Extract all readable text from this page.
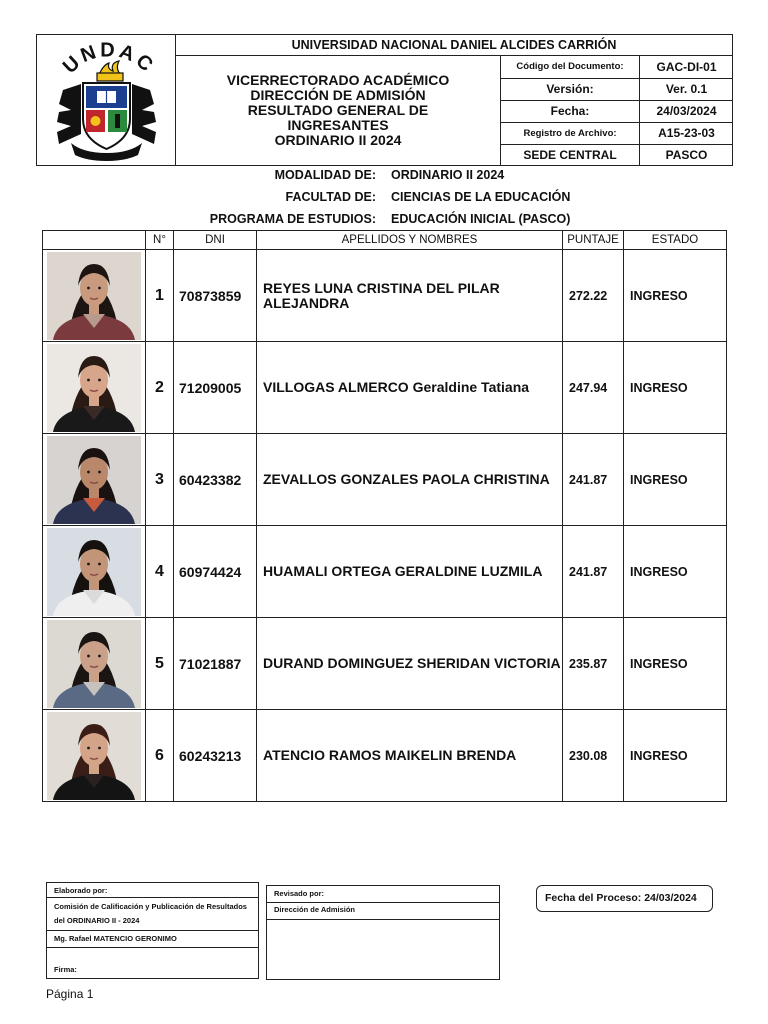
UNDAC
UNIVERSIDAD NACIONAL DANIEL ALCIDES CARRIÓN
VICERRECTORADO ACADÉMICO
DIRECCIÓN DE ADMISIÓN
RESULTADO GENERAL DE
INGRESANTES
ORDINARIO II 2024
Código del Documento:	GAC-DI-01
Versión:	Ver. 0.1
Fecha:	24/03/2024
Registro de Archivo:	A15-23-03
SEDE CENTRAL	PASCO
MODALIDAD DE: ORDINARIO II 2024
FACULTAD DE: CIENCIAS DE LA EDUCACIÓN
PROGRAMA DE ESTUDIOS: EDUCACIÓN INICIAL (PASCO)
	N°	DNI	APELLIDOS Y NOMBRES	PUNTAJE	ESTADO

	1	70873859	REYES LUNA CRISTINA DEL PILAR ALEJANDRA	272.22	INGRESO

	2	71209005	VILLOGAS ALMERCO Geraldine Tatiana	247.94	INGRESO

	3	60423382	ZEVALLOS GONZALES PAOLA CHRISTINA	241.87	INGRESO

	4	60974424	HUAMALI ORTEGA GERALDINE LUZMILA	241.87	INGRESO

	5	71021887	DURAND DOMINGUEZ SHERIDAN VICTORIA	235.87	INGRESO

	6	60243213	ATENCIO RAMOS MAIKELIN BRENDA	230.08	INGRESO
Elaborado por:
Comisión de Calificación y Publicación de Resultados
del ORDINARIO II - 2024
Mg. Rafael MATENCIO GERONIMO
Firma:
Revisado por:
Dirección de Admisión
Fecha del Proceso: 24/03/2024
Página 1
